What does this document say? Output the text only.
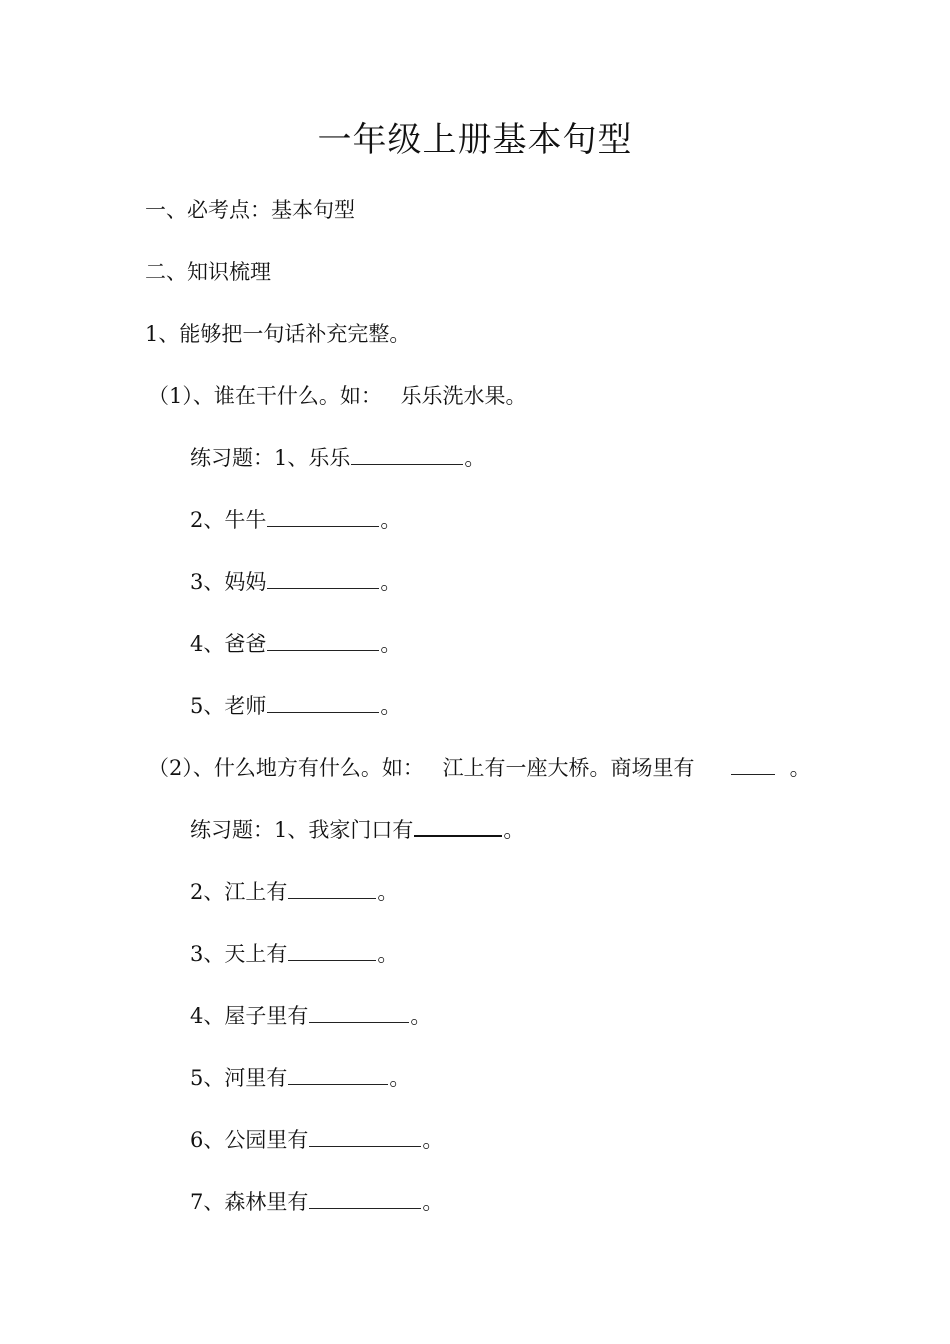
一年级上册基本句型
一、必考点：基本句型
二、知识梳理
1、能够把一句话补充完整。
（1）、谁在干什么。如： 乐乐洗水果。
练习题：1、乐乐	。
2、牛牛	。
3、妈妈	。
4、爸爸	。
5、老师	。
（2）、什么地方有什么。如： 江上有一座大桥。商场里有	。
练习题：1、我家门口有	。
2、江上有	。
3、天上有	。
4、屋子里有	。
5、河里有	。
6、公园里有	。
7、森林里有	。
